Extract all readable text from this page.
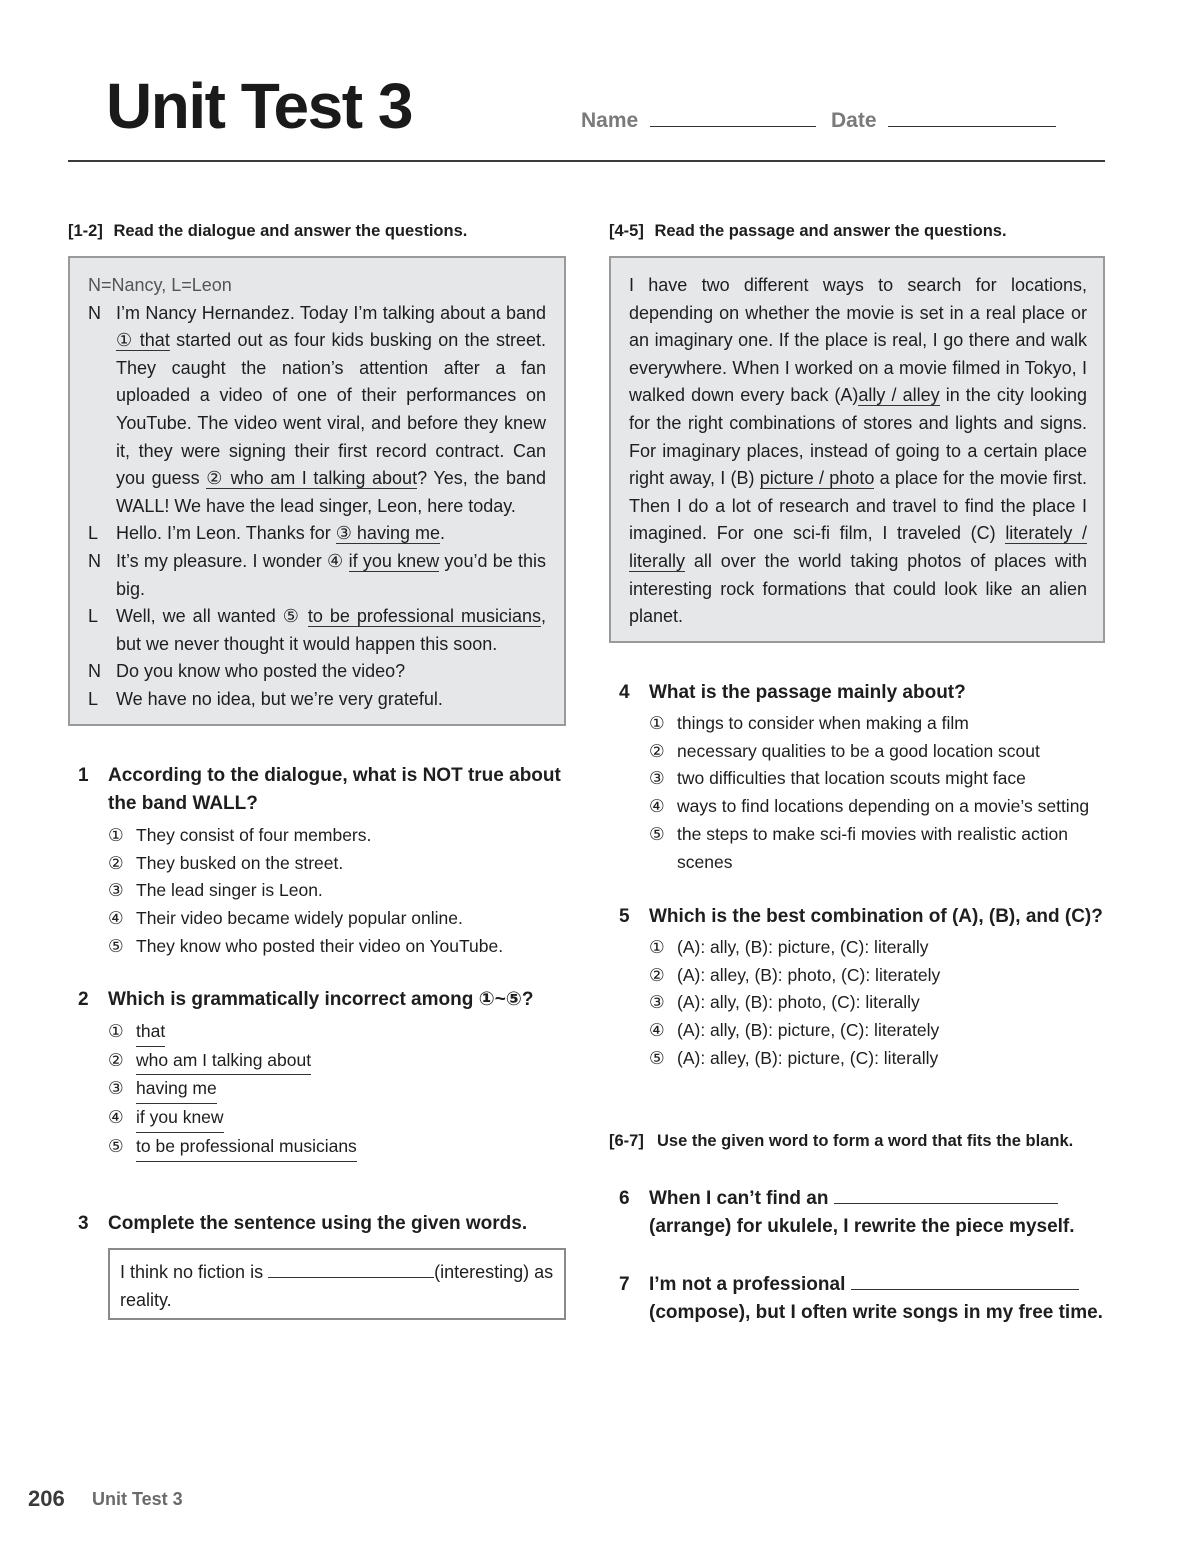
Unit Test 3	Name	Date
[1-2] Read the dialogue and answer the questions.
N=Nancy, L=Leon
N I’m Nancy Hernandez. Today I’m talking about a band ① that started out as four kids busking on the street. They caught the nation’s attention after a fan uploaded a video of one of their performances on YouTube. The video went viral, and before they knew it, they were signing their first record contract. Can you guess ② who am I talking about? Yes, the band WALL! We have the lead singer, Leon, here today.
L Hello. I’m Leon. Thanks for ③ having me.
N It’s my pleasure. I wonder ④ if you knew you’d be this big.
L Well, we all wanted ⑤ to be professional musicians, but we never thought it would happen this soon.
N Do you know who posted the video?
L We have no idea, but we’re very grateful.
1	According to the dialogue, what is NOT true about the band WALL?
① They consist of four members.
② They busked on the street.
③ The lead singer is Leon.
④ Their video became widely popular online.
⑤ They know who posted their video on YouTube.
2	Which is grammatically incorrect among ①~⑤?
① that
② who am I talking about
③ having me
④ if you knew
⑤ to be professional musicians
3	Complete the sentence using the given words.
I think no fiction is	(interesting) as reality.
[4-5] Read the passage and answer the questions.
I have two different ways to search for locations, depending on whether the movie is set in a real place or an imaginary one. If the place is real, I go there and walk everywhere. When I worked on a movie filmed in Tokyo, I walked down every back (A)ally / alley in the city looking for the right combinations of stores and lights and signs. For imaginary places, instead of going to a certain place right away, I (B) picture / photo a place for the movie first. Then I do a lot of research and travel to find the place I imagined. For one sci-fi film, I traveled (C) literately / literally all over the world taking photos of places with interesting rock formations that could look like an alien planet.
4	What is the passage mainly about?
① things to consider when making a film
② necessary qualities to be a good location scout
③ two difficulties that location scouts might face
④ ways to find locations depending on a movie’s setting
⑤ the steps to make sci-fi movies with realistic action scenes
5	Which is the best combination of (A), (B), and (C)?
① (A): ally, (B): picture, (C): literally
② (A): alley, (B): photo, (C): literately
③ (A): ally, (B): photo, (C): literally
④ (A): ally, (B): picture, (C): literately
⑤ (A): alley, (B): picture, (C): literally
[6-7] Use the given word to form a word that fits the blank.
6	When I can’t find an  (arrange) for ukulele, I rewrite the piece myself.
7	I’m not a professional  (compose), but I often write songs in my free time.
206 Unit Test 3
